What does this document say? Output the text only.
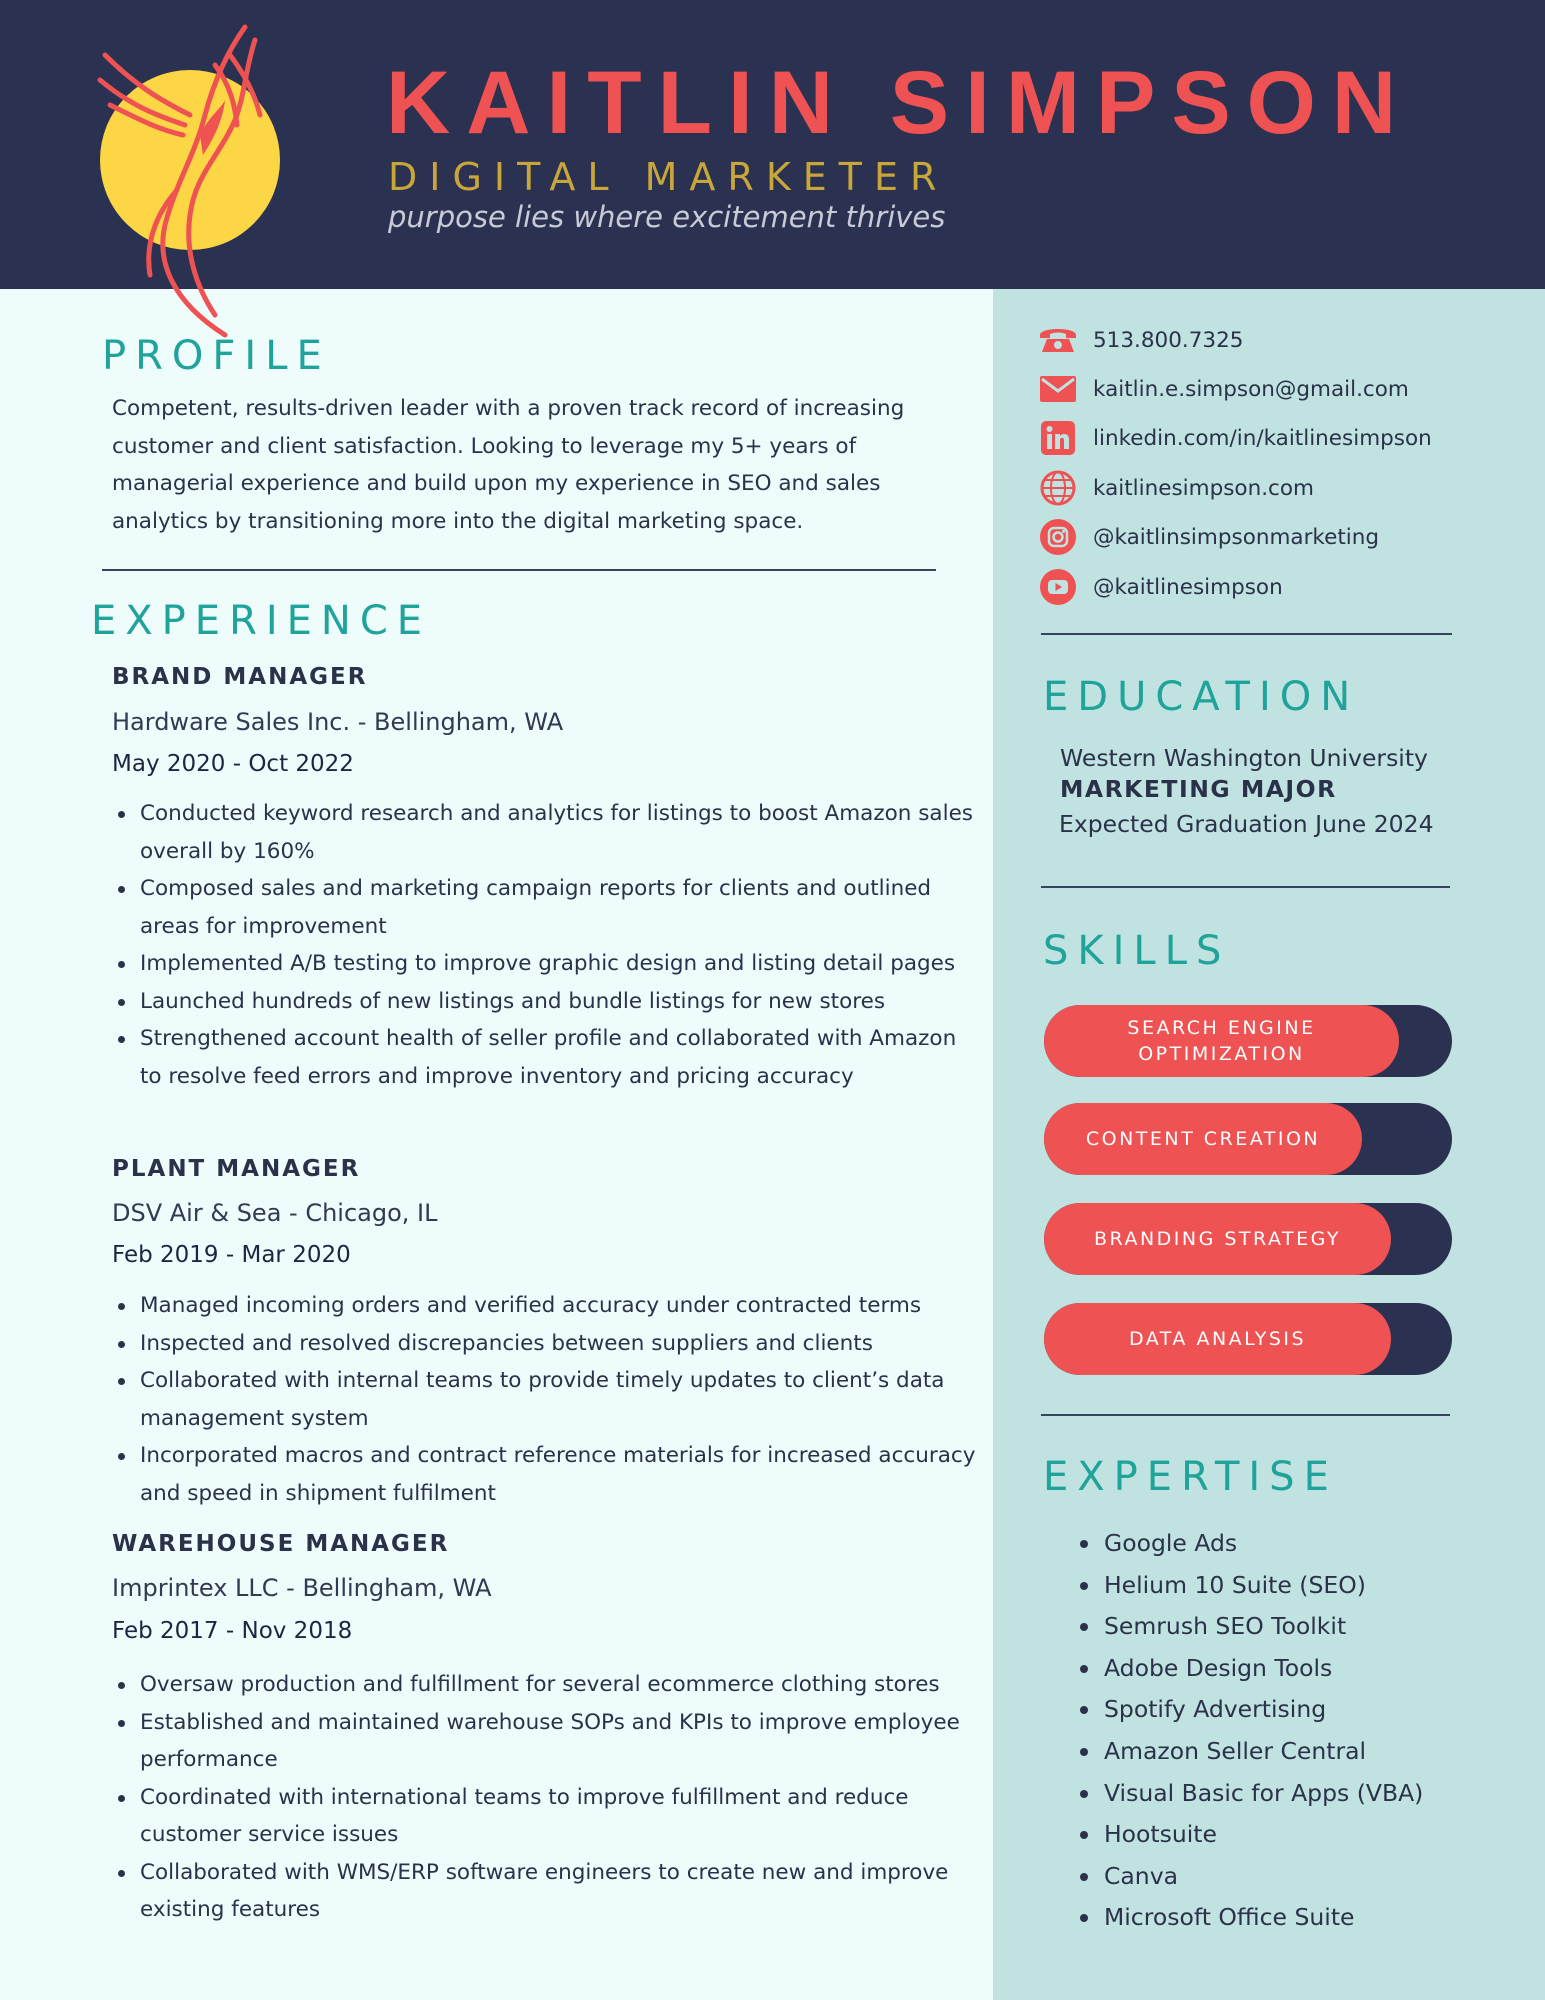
KAITLIN SIMPSON
DIGITAL MARKETER
purpose lies where excitement thrives
PROFILE
Competent, results-driven leader with a proven track record of increasing customer and client satisfaction. Looking to leverage my 5+ years of managerial experience and build upon my experience in SEO and sales analytics by transitioning more into the digital marketing space.
EXPERIENCE
BRAND MANAGER
Hardware Sales Inc. - Bellingham, WA
May 2020 - Oct 2022
Conducted keyword research and analytics for listings to boost Amazon sales overall by 160%
Composed sales and marketing campaign reports for clients and outlined areas for improvement
Implemented A/B testing to improve graphic design and listing detail pages
Launched hundreds of new listings and bundle listings for new stores
Strengthened account health of seller profile and collaborated with Amazon to resolve feed errors and improve inventory and pricing accuracy
PLANT MANAGER
DSV Air & Sea - Chicago, IL
Feb 2019 - Mar 2020
Managed incoming orders and verified accuracy under contracted terms
Inspected and resolved discrepancies between suppliers and clients
Collaborated with internal teams to provide timely updates to client’s data management system
Incorporated macros and contract reference materials for increased accuracy and speed in shipment fulfilment
WAREHOUSE MANAGER
Imprintex LLC - Bellingham, WA
Feb 2017 - Nov 2018
Oversaw production and fulfillment for several ecommerce clothing stores
Established and maintained warehouse SOPs and KPIs to improve employee performance
Coordinated with international teams to improve fulfillment and reduce customer service issues
Collaborated with WMS/ERP software engineers to create new and improve existing features
513.800.7325
kaitlin.e.simpson@gmail.com
linkedin.com/in/kaitlinesimpson
kaitlinesimpson.com
@kaitlinsimpsonmarketing
@kaitlinesimpson
EDUCATION
Western Washington University
MARKETING MAJOR
Expected Graduation June 2024
SKILLS
SEARCH ENGINE OPTIMIZATION
CONTENT CREATION
BRANDING STRATEGY
DATA ANALYSIS
EXPERTISE
Google Ads
Helium 10 Suite (SEO)
Semrush SEO Toolkit
Adobe Design Tools
Spotify Advertising
Amazon Seller Central
Visual Basic for Apps (VBA)
Hootsuite
Canva
Microsoft Office Suite
